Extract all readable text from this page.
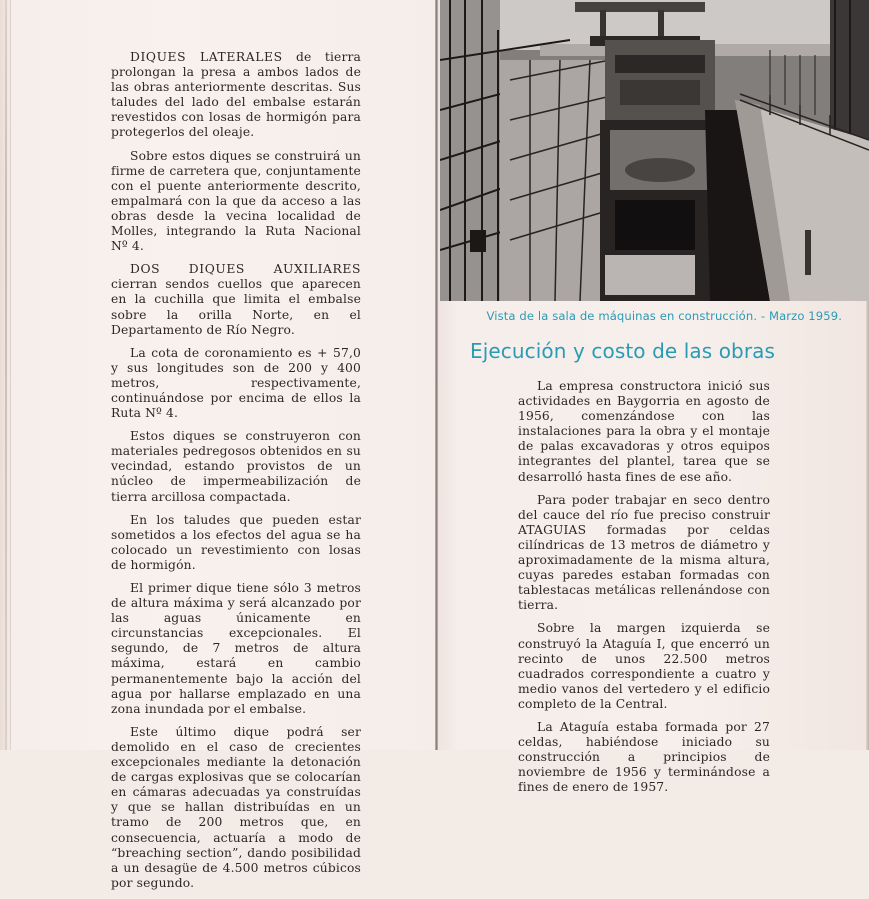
DIQUES LATERALES de tierra prolongan la presa a ambos lados de las obras anteriormente descritas. Sus taludes del lado del embalse estarán revestidos con losas de hormigón para protegerlos del oleaje.

Sobre estos diques se construirá un firme de carretera que, conjuntamente con el puente anteriormente descrito, empalmará con la que da acceso a las obras desde la vecina localidad de Molles, integrando la Ruta Nacional Nº 4.

DOS DIQUES AUXILIARES cierran sendos cuellos que aparecen en la cuchilla que limita el embalse sobre la orilla Norte, en el Departamento de Río Negro.

La cota de coronamiento es + 57,0 y sus longitudes son de 200 y 400 metros, respectivamente, continuándose por encima de ellos la Ruta Nº 4.

Estos diques se construyeron con materiales pedregosos obtenidos en su vecindad, estando provistos de un núcleo de impermeabilización de tierra arcillosa compactada.

En los taludes que pueden estar sometidos a los efectos del agua se ha colocado un revestimiento con losas de hormigón.

El primer dique tiene sólo 3 metros de altura máxima y será alcanzado por las aguas únicamente en circunstancias excepcionales. El segundo, de 7 metros de altura máxima, estará en cambio permanentemente bajo la acción del agua por hallarse emplazado en una zona inundada por el embalse.

Este último dique podrá ser demolido en el caso de crecientes excepcionales mediante la detonación de cargas explosivas que se colocarían en cámaras adecuadas ya construídas y que se hallan distribuídas en un tramo de 200 metros que, en consecuencia, actuaría a modo de “breaching section”, dando posibilidad a un desagüe de 4.500 metros cúbicos por segundo.

Vista de la sala de máquinas en construcción. - Marzo 1959.
Ejecución y costo de las obras

La empresa constructora inició sus actividades en Baygorria en agosto de 1956, comenzándose con las instalaciones para la obra y el montaje de palas excavadoras y otros equipos integrantes del plantel, tarea que se desarrolló hasta fines de ese año.

Para poder trabajar en seco dentro del cauce del río fue preciso construir ATAGUIAS formadas por celdas cilíndricas de 13 metros de diámetro y aproximadamente de la misma altura, cuyas paredes estaban formadas con tablestacas metálicas rellenándose con tierra.

Sobre la margen izquierda se construyó la Ataguía I, que encerró un recinto de unos 22.500 metros cuadrados correspondiente a cuatro y medio vanos del vertedero y el edificio completo de la Central.

La Ataguía estaba formada por 27 celdas, habiéndose iniciado su construcción a principios de noviembre de 1956 y terminándose a fines de enero de 1957.
